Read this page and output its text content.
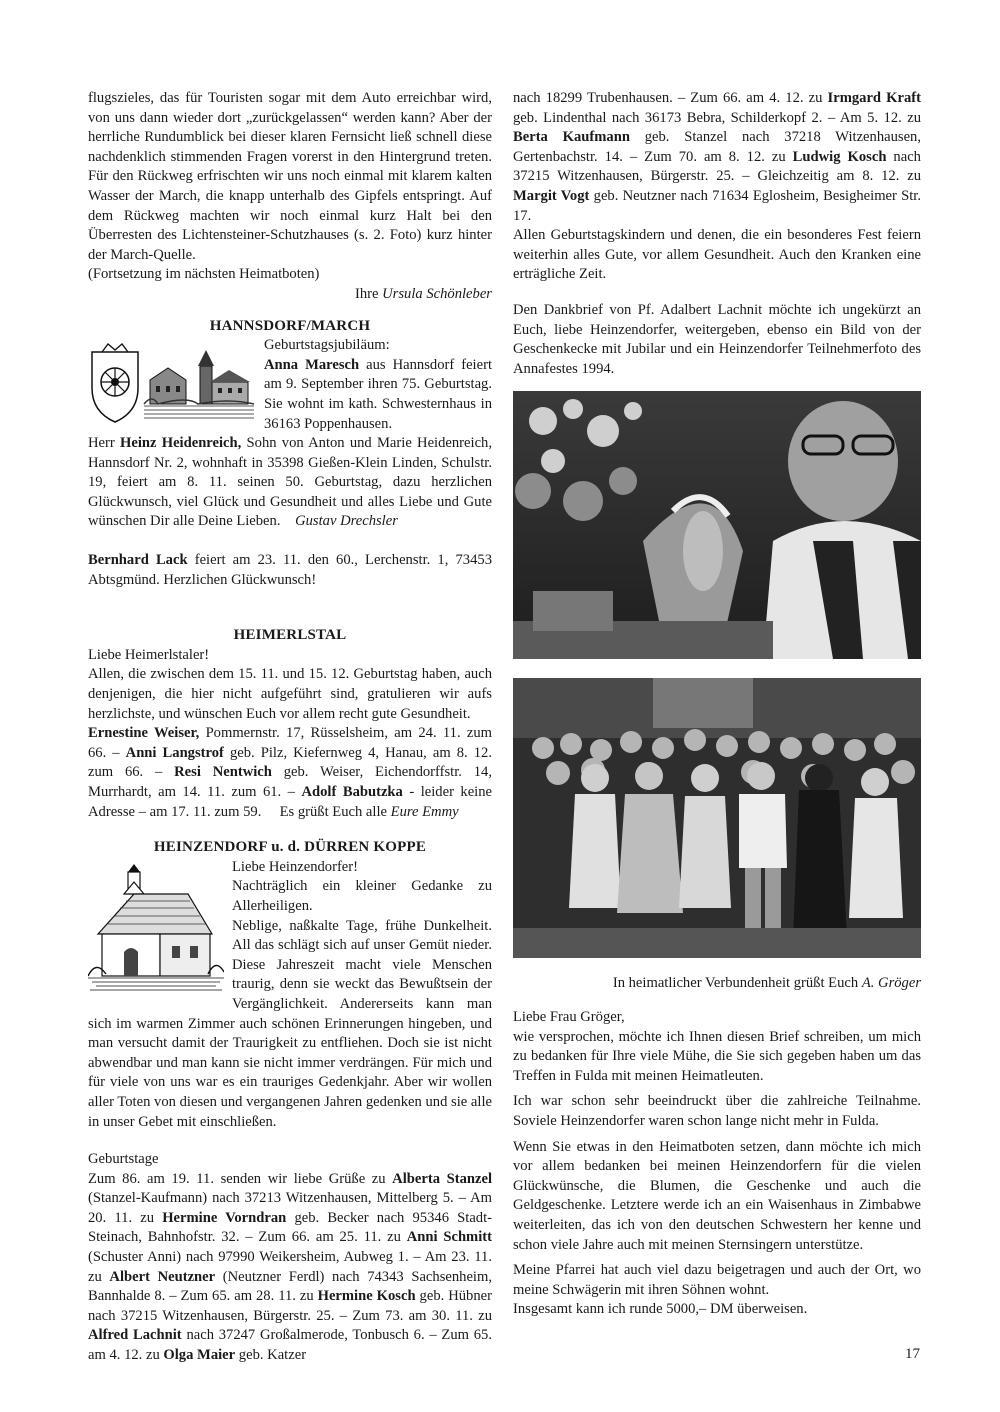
flugszieles, das für Touristen sogar mit dem Auto erreichbar wird, von uns dann wieder dort „zurückgelassen“ werden kann? Aber der herrliche Rundumblick bei dieser klaren Fernsicht ließ schnell diese nachdenklich stimmenden Fragen vorerst in den Hintergrund treten. Für den Rückweg erfrischten wir uns noch einmal mit klarem kalten Wasser der March, die knapp unterhalb des Gipfels entspringt. Auf dem Rückweg machten wir noch einmal kurz Halt bei den Überresten des Lichtensteiner-Schutzhauses (s. 2. Foto) kurz hinter der March-Quelle.

(Fortsetzung im nächsten Heimatboten)

Ihre Ursula Schönleber

HANNSDORF/MARCH

Geburtstagsjubiläum:

Anna Maresch aus Hannsdorf feiert am 9. September ihren 75. Geburtstag. Sie wohnt im kath. Schwesternhaus in 36163 Poppenhausen.

Herr Heinz Heidenreich, Sohn von Anton und Marie Heidenreich, Hannsdorf Nr. 2, wohnhaft in 35398 Gießen-Klein Linden, Schulstr. 19, feiert am 8. 11. seinen 50. Geburtstag, dazu herzlichen Glückwunsch, viel Glück und Gesundheit und alles Liebe und Gute wünschen Dir alle Deine Lieben. Gustav Drechsler

Bernhard Lack feiert am 23. 11. den 60., Lerchenstr. 1, 73453 Abtsgmünd. Herzlichen Glückwunsch!

HEIMERLSTAL

Liebe Heimerlstaler!

Allen, die zwischen dem 15. 11. und 15. 12. Geburtstag haben, auch denjenigen, die hier nicht aufgeführt sind, gratulieren wir aufs herzlichste, und wünschen Euch vor allem recht gute Gesundheit.

Ernestine Weiser, Pommernstr. 17, Rüsselsheim, am 24. 11. zum 66. – Anni Langstrof geb. Pilz, Kiefernweg 4, Hanau, am 8. 12. zum 66. – Resi Nentwich geb. Weiser, Eichendorffstr. 14, Murrhardt, am 14. 11. zum 61. – Adolf Babutzka - leider keine Adresse – am 17. 11. zum 59. Es grüßt Euch alle Eure Emmy

HEINZENDORF u. d. DÜRREN KOPPE

Liebe Heinzendorfer!

Nachträglich ein kleiner Gedanke zu Allerheiligen.

Neblige, naßkalte Tage, frühe Dunkelheit. All das schlägt sich auf unser Gemüt nieder. Diese Jahreszeit macht viele Menschen traurig, denn sie weckt das Bewußtsein der Vergänglichkeit. Andererseits kann man sich im warmen Zimmer auch schönen Erinnerungen hingeben, und man versucht damit der Traurigkeit zu entfliehen. Doch sie ist nicht abwendbar und man kann sie nicht immer verdrängen. Für mich und für viele von uns war es ein trauriges Gedenkjahr. Aber wir wollen aller Toten von diesen und vergangenen Jahren gedenken und sie alle in unser Gebet mit einschließen.

Geburtstage

Zum 86. am 19. 11. senden wir liebe Grüße zu Alberta Stanzel (Stanzel-Kaufmann) nach 37213 Witzenhausen, Mittelberg 5. – Am 20. 11. zu Hermine Vorndran geb. Becker nach 95346 Stadt-Steinach, Bahnhofstr. 32. – Zum 66. am 25. 11. zu Anni Schmitt (Schuster Anni) nach 97990 Weikersheim, Aubweg 1. – Am 23. 11. zu Albert Neutzner (Neutzner Ferdl) nach 74343 Sachsenheim, Bannhalde 8. – Zum 65. am 28. 11. zu Hermine Kosch geb. Hübner nach 37215 Witzenhausen, Bürgerstr. 25. – Zum 73. am 30. 11. zu Alfred Lachnit nach 37247 Großalmerode, Tonbusch 6. – Zum 65. am 4. 12. zu Olga Maier geb. Katzer

nach 18299 Trubenhausen. – Zum 66. am 4. 12. zu Irmgard Kraft geb. Lindenthal nach 36173 Bebra, Schilderkopf 2. – Am 5. 12. zu Berta Kaufmann geb. Stanzel nach 37218 Witzenhausen, Gertenbachstr. 14. – Zum 70. am 8. 12. zu Ludwig Kosch nach 37215 Witzenhausen, Bürgerstr. 25. – Gleichzeitig am 8. 12. zu Margit Vogt geb. Neutzner nach 71634 Eglosheim, Besigheimer Str. 17.

Allen Geburtstagskindern und denen, die ein besonderes Fest feiern weiterhin alles Gute, vor allem Gesundheit. Auch den Kranken eine erträgliche Zeit.

Den Dankbrief von Pf. Adalbert Lachnit möchte ich ungekürzt an Euch, liebe Heinzendorfer, weitergeben, ebenso ein Bild von der Geschenkecke mit Jubilar und ein Heinzendorfer Teilnehmerfoto des Annafestes 1994.

In heimatlicher Verbundenheit grüßt Euch A. Gröger

Liebe Frau Gröger,

wie versprochen, möchte ich Ihnen diesen Brief schreiben, um mich zu bedanken für Ihre viele Mühe, die Sie sich gegeben haben um das Treffen in Fulda mit meinen Heimatleuten.

Ich war schon sehr beeindruckt über die zahlreiche Teilnahme. Soviele Heinzendorfer waren schon lange nicht mehr in Fulda.

Wenn Sie etwas in den Heimatboten setzen, dann möchte ich mich vor allem bedanken bei meinen Heinzendorfern für die vielen Glückwünsche, die Blumen, die Geschenke und auch die Geldgeschenke. Letztere werde ich an ein Waisenhaus in Zimbabwe weiterleiten, das ich von den deutschen Schwestern her kenne und schon viele Jahre auch mit meinen Sternsingern unterstütze.

Meine Pfarrei hat auch viel dazu beigetragen und auch der Ort, wo meine Schwägerin mit ihren Söhnen wohnt.

Insgesamt kann ich runde 5000,– DM überweisen.

17
